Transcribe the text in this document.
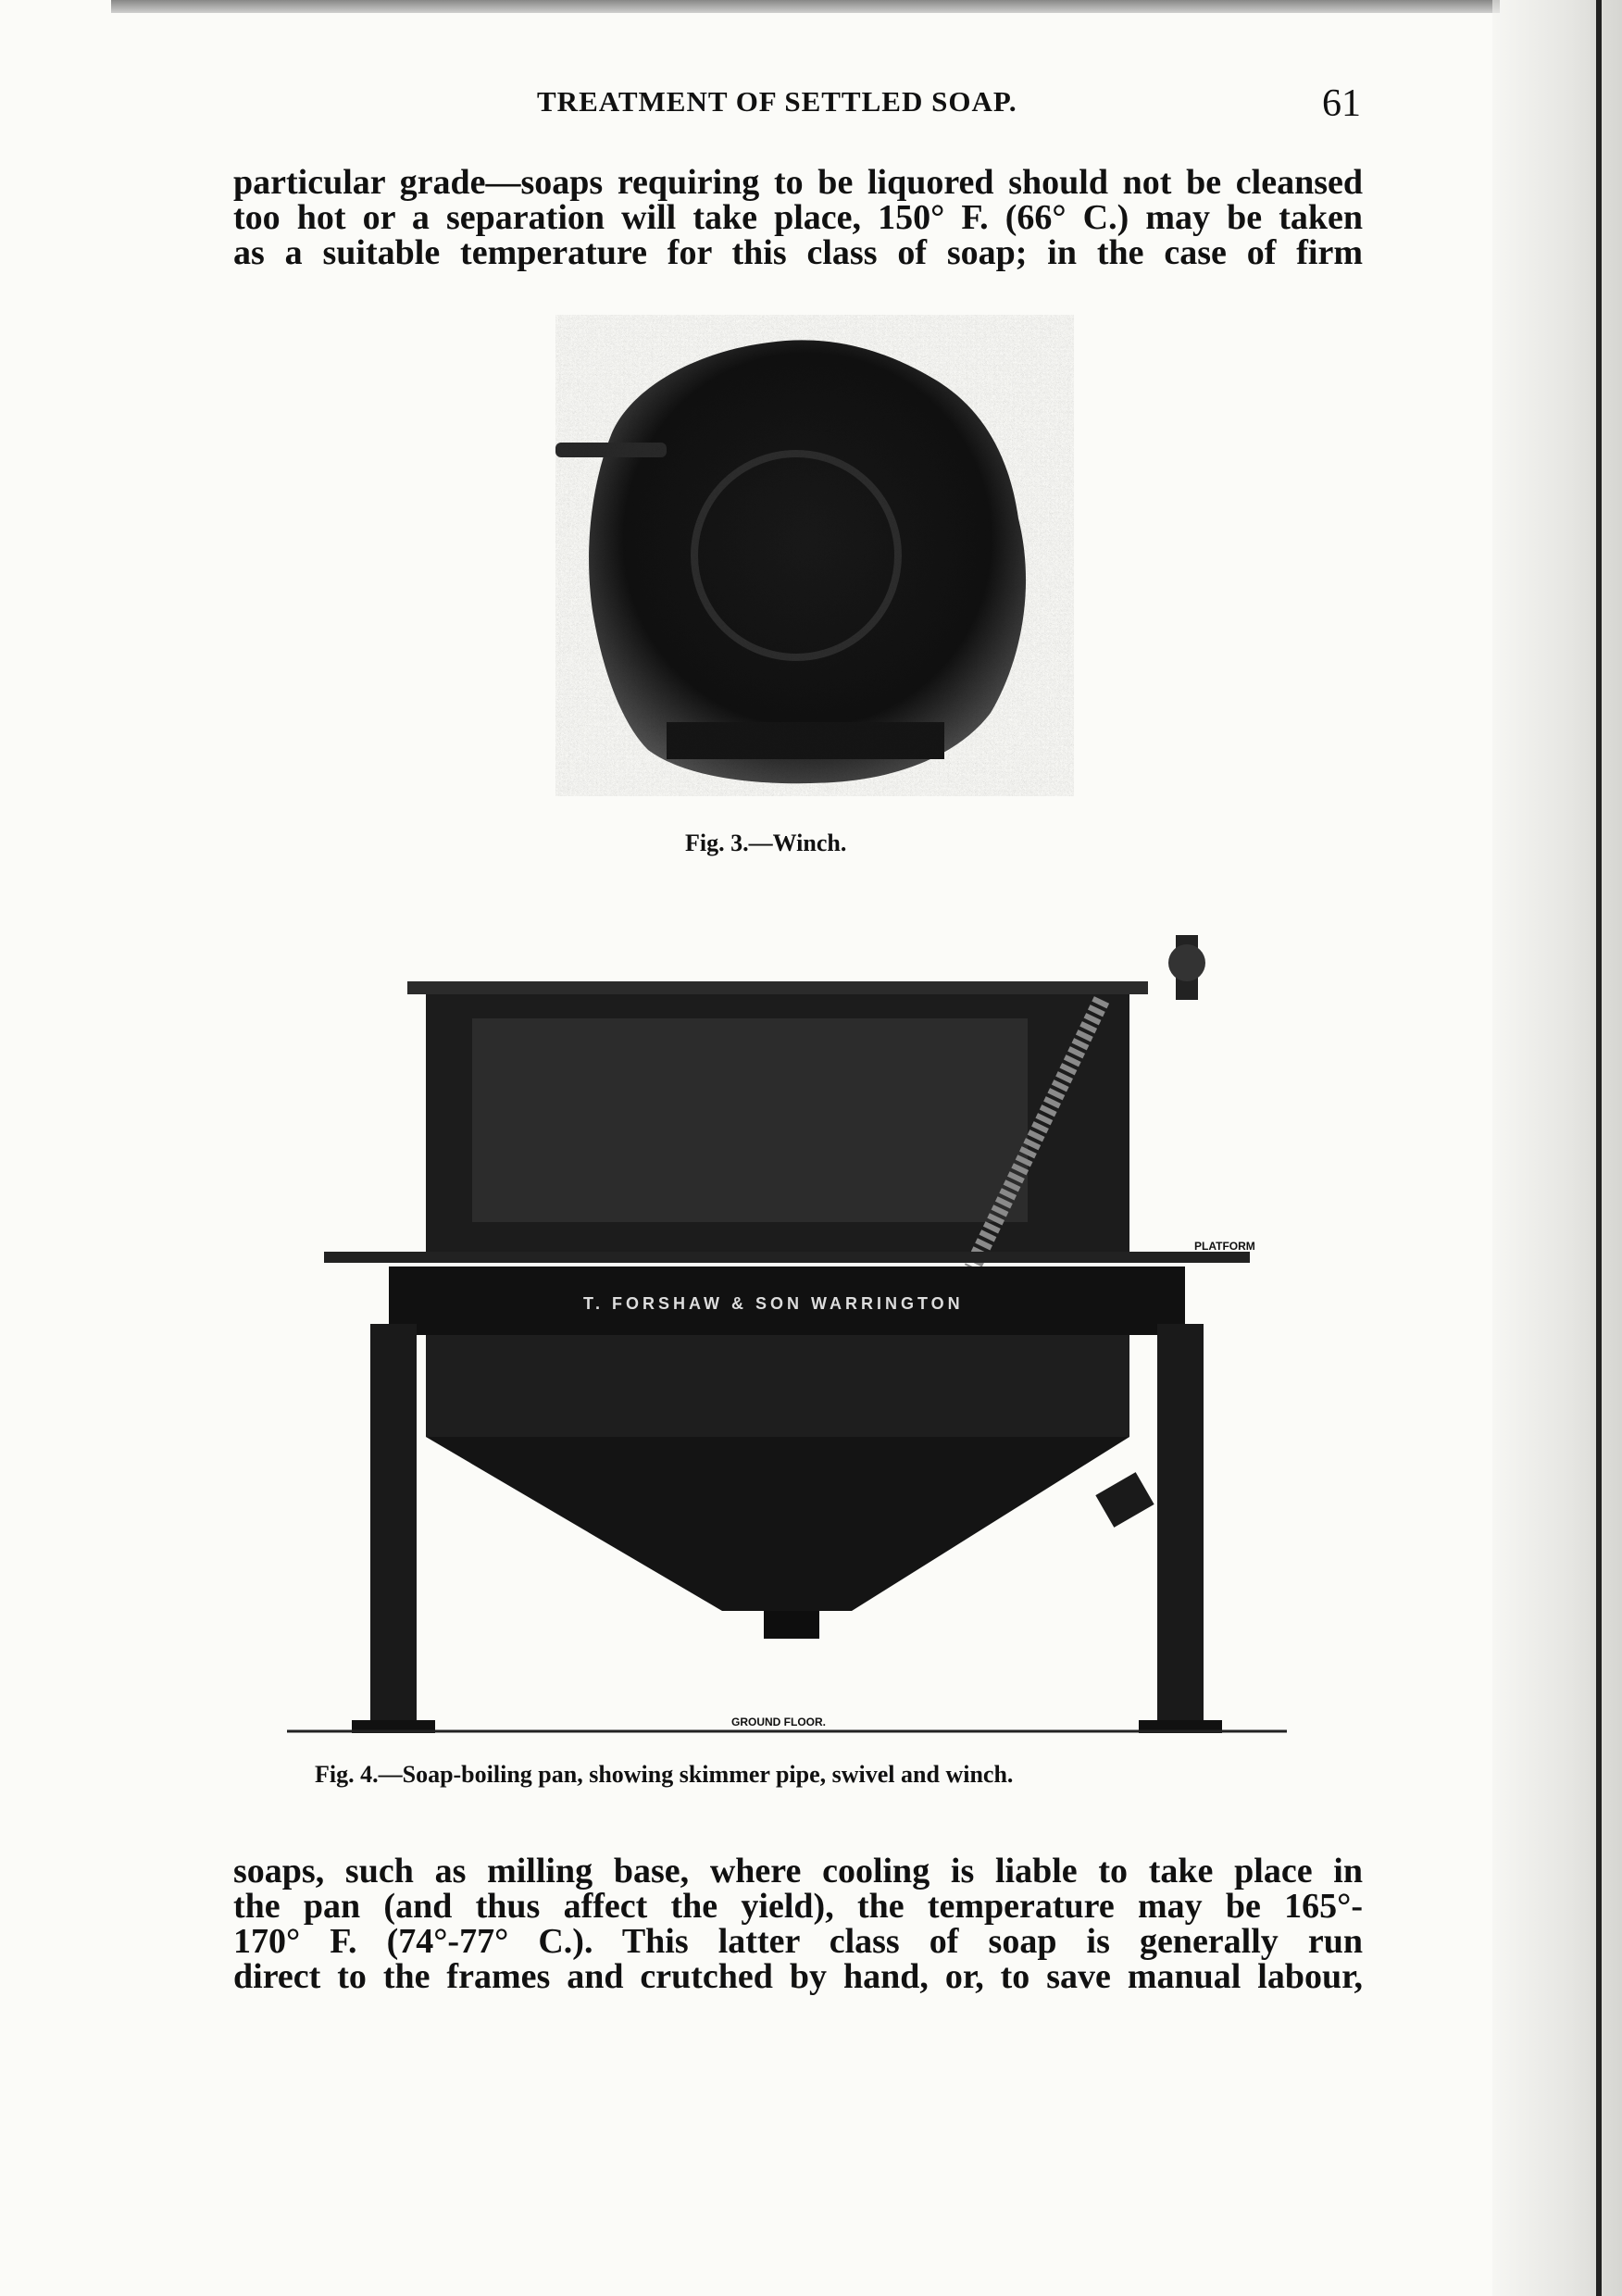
TREATMENT OF SETTLED SOAP.	61
particular grade—soaps requiring to be liquored should not be cleansed
too hot or a separation will take place, 150° F. (66° C.) may be taken
as a suitable temperature for this class of soap; in the case of firm
Fig. 3.—Winch.
PLATFORM
T. FORSHAW & SON WARRINGTON
GROUND FLOOR.
Fig. 4.—Soap-boiling pan, showing skimmer pipe, swivel and winch.
soaps, such as milling base, where cooling is liable to take place in
the pan (and thus affect the yield), the temperature may be 165°-
170° F. (74°-77° C.). This latter class of soap is generally run
direct to the frames and crutched by hand, or, to save manual labour,
